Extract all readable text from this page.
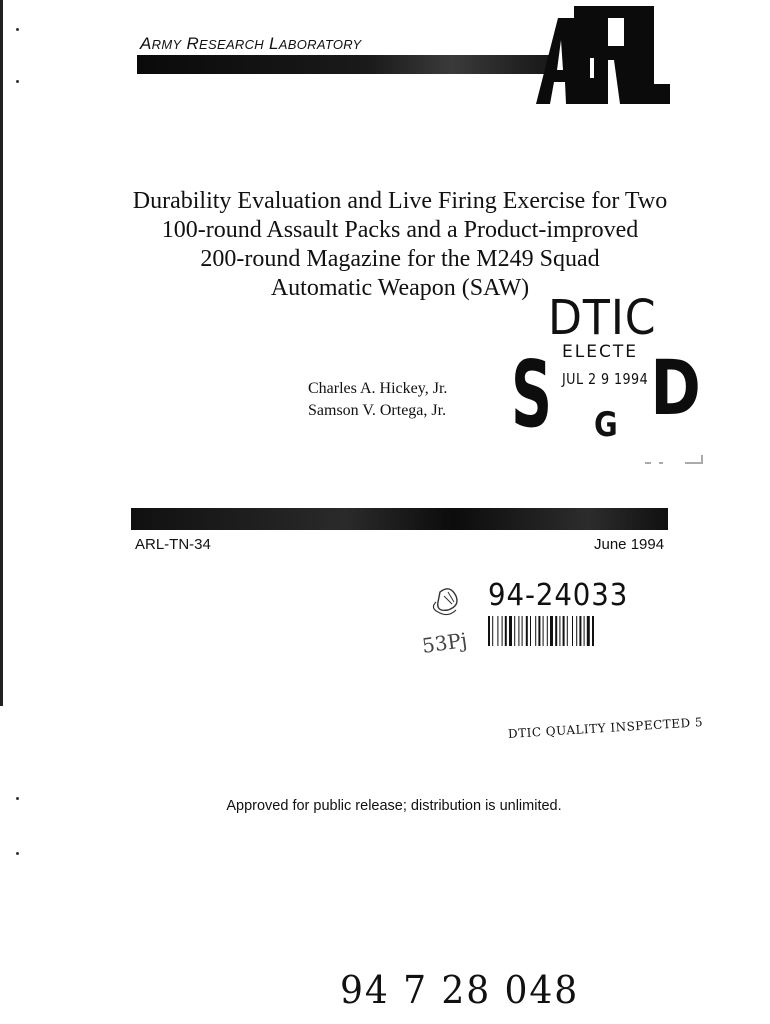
ARMY RESEARCH LABORATORY
ARL
Durability Evaluation and Live Firing Exercise for Two
100-round Assault Packs and a Product-improved
200-round Magazine for the M249 Squad
Automatic Weapon (SAW)
DTIC
ELECTE
JUL 2 9 1994
G
S D
Charles A. Hickey, Jr.
Samson V. Ortega, Jr.
ARL-TN-34	June 1994
94-24033
53Pj
DTIC QUALITY INSPECTED 5
Approved for public release; distribution is unlimited.
94 7 28 048
